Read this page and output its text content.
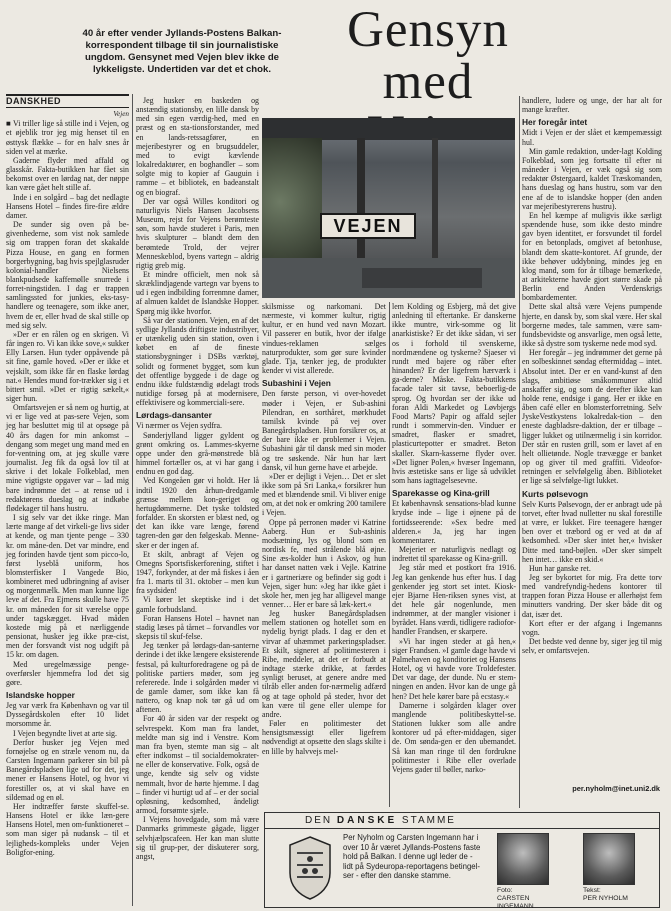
40 år efter vender Jyllands-Postens Balkan-korrespondent tilbage til sin journalistiske ungdom. Gensynet med Vejen blev ikke de lykkeligste. Undertiden var det et chok.
Gensyn med
DANSKHED
Vejen

■ Vi triller lige så stille ind i Vejen, og et øjeblik tror jeg mig henset til en østtysk flække – for en halv snes år siden vel at mærke.

Gaderne flyder med affald og glasskår. Fakta-butikken har fået sin bekomst over en lørdag nat, der nøppe kan være gået helt stille af.

Inde i en solgård – bag det nedlagte Hansens Hotel – findes fire-fire ældre damer.

De sunder sig oven på be-givenhederne, som vist nok samlede sig om trappen foran det skakalde Pizza House, en gang en formen borgerbygning, bag hvis spejlglasruder kolonial-handler Nielsens blankpudsede kaffemølle snurrede i forret-ningstiden. I dag er trappen samlingssted for junkies, eks-tasy-handlere og teenagere, som ikke aner, hvem de er, eller hvad de skal stille op med sig selv.

»Der er en rålen og en skrigen. Vi får ingen ro. Vi kan ikke sove,« sukker Elly Larsen. Hun tyder oppåvende på sit fine, gamle hoved. »Der er ikke et vejskilt, som ikke får en flaske lørdag nat.« Hendes mund for-trækker sig i et bittert smil. »Det er rigtig sækelt,« siger hun.

Omfartsvejen er så nem og hurtig, at vi er lige ved at pas-sere Vejen, som jeg har besluttet mig til at opsøge på 40 års dagen for min ankomst – dengang som meget ung mand med en for-ventning om, at jeg skulle være journalist. Jeg fik da også lov til at skrive i det lokale Folkeblad, men mine vigtigste opgaver var – lad mig bare indrømme det – at rense ud i redaktørens dueslag og at indkøbe flødekager til hans hustru.

I sig selv var det ikke ringe. Man lærte mange af det virkeli-ge livs sider at kende, og man tjente penge – 330 kr. om måne-den. Det var mindre, end jeg forinden havde tjent som picco-lo, først lyseblå uniform, hos blomsterfisker I Vangede Bio, kombineret med udbringning af aviser og morgenmælk. Men man kunne lige leve af det. Fra Ejmens skulle have 75 kr. om måneden for sit værelse oppe under tagskægget. Hvad måden kostede mig på et nærliggende pensionat, husker jeg ikke præ-cist, men der forsvandt vist nog udgift på 15 kr. om dagen.

Med uregelmæssige penge-overførsler hjemmefra lod det sig gøre.

Islandske hopper

Jeg var værk fra København og var til Dyssegårdskolen efter 10 lidet morsomme år.

I Vejen begyndte livet at arte sig.

Derfor husker jeg Vejen med fornøjelse og en stræle venom nu, da Carsten Ingemann parkerer sin bil på Banegårdspladsen lige ud for det, jeg mener er Hansens Hotel, og hvor vi forestiller os, at vi skal have en sildemad og en øl.

Her indtræffer første skuffel-se. Hansens Hotel er ikke læn-gere Hansens Hotel, men om-funktioneret – som man siger på nudansk – til et lejligheds-kompleks under Vejen Boligfor-ening.

Jeg husker en baskeden og anstændig stationsby, en lille dansk by med sin egen værdig-hed, med en præst og en sta-tionsforstander, med en lands-retssagfører, en mejeribestyrer og en brugsuddeler, med to evigt kævlende lokalredaktører, en boghandler – som solgte mig to kopier af Gauguin i ramme – et bibliotek, en badeanstalt og en biograf.

Der var også Willes konditori og naturligvis Niels Hansen Jacobsens Museum, rejst for Vejens berømteste søn, som havde studeret i Paris, men hvis skulpturer – blandt dem den berømtede Trold, der vejrer Menneskeblod, byens vartegn – aldrig rigtig greb mig.

Et mindre officielt, men nok så skræklindjagende vartegn var byens to ud i egen indbilding forrenmne damer, af almuen kaldet de Islandske Hopper. Spørg mig ikke hvorfor.

Så var der stationen. Vejen, en af det sydlige Jyllands driftigste industribyer, er utænkelig uden sin station, oven i købet en af de fineste stationsbygninger i DSBs værktøj, solidt og formenet bygget, som kun det offentlige byggede i de dage og endnu ikke fuldstændig ødelagt trods nutidige forsøg på at modernisere, effektivisere og kommerciali-sere.

Lørdags-dansanter

Vi nærmer os Vejen sydfra.

Sønderjylland ligger gyldent og grønt omkring os. Lammes-skyerne oppe under den grå-mønstrede blå himmel fortæller os, at vi har gang i endnu en god dag.

Ved Kongeåen gør vi holdt. Her lå indtil 1920 den århun-dredgamle grænse mellem kon-geriget og hertugdømmerne. Det tyske toldsted forfalder. En skorsten er blæst ned, og det kan ikke vare længe, førend tagren-den gør den følgeskab. Menne-sker er der ingen af.

Et skilt, anbragt af Vejen og Omegns Sportsfiskerforening, stiftet i 1947, forkynder, at der må fiskes i åen fra 1. marts til 31. oktober – men kun fra sydsiden!

Vi kører let skeptiske ind i det gamle forbudsland.

Foran Hansens Hotel – havnet nan stadig læses på tårnet – forvandles vor skepsis til skuf-felse.

Jeg tænker på lørdags-dan-santerne derinde i det ikke længere eksisterende festsal, på kulturforedragene og på de politiske partiers møder, som jeg refererede. Inde i solgården møder vi de gamle damer, som ikke kan få nattero, og knap nok tør gå ud om aftenen.

For 40 år siden var der respekt og selvrespekt. Kom man fra landet, meldte man sig ind i Venstre. Kom man fra byen, stemte man sig – alt efter indkomst – til socialdemokrater-ne eller de konservative. Folk, også de unge, kendte sig selv og vidste nemmalt, hvor de hørte hjemme. I dag – finder vi hurtigt ud af – er der social opløsning, kedsomhed, åndeligt armod, forsømte sjæle.

I Vejens hovedgade, som må være Danmarks grimmeste gågade, ligger selvhjælpscafeen. Her kan man slutte sig til grup-per, der diskuterer sorg, angst,

VEJEN

skilsmisse og narkomani. Det nærmeste, vi kommer kultur, rigtig kultur, er en hund ved navn Mozart. Vil passerer en butik, hvor der ifølge vindues-reklamen sælges naturprodukter, som gør sure kvinder glade. Tja, tænker jeg, de produkter kender vi vist allerede.

Subashini i Vejen

Den første person, vi over-hovedet møder i Vejen, er Sub-ashini Pilendran, en sorthåret, mørkhudet tamilsk kvinde på vej over Banegårdspladsen. Hun forsikrer os, at der bare ikke er problemer i Vejen. Subashini går til dansk med sin moder og tre søskende. Når hun har lært dansk, vil hun gerne have et arbejde.

»Der er dejligt i Vejen… Det er slet ikke som på Sri Lanka,« forsikrer hun med et blændende smil. Vi bliver enige om, at det nok er omkring 200 tamilere i Vejen.

Oppe på perronen møder vi Katrine Aaberg. Hun er Sub-ashinis modsætning, lys og blond som en nordisk fe, med strålende blå øjne. Sine æs-kolder hun i Askov, og hun har danset natten væk i Vejle. Katrine er i gartneriære og befinder sig godt i Vejen, siger hun: »Jeg har ikke gået i skole her, men jeg har alligevel mange venner… Her er bare så læk-kert.«

Jeg husker Banegårdspladsen mellem stationen og hotellet som en nydelig byrigt plads. I dag er den et virvar af uhæmmet parkeringspladser. Et skilt, signeret af politimesteren i Ribe, meddeler, at det er forbudt at indtage stærke drikke, at færdes synligt beruset, at genere andre med tilråb eller anden for-nærmelig adfærd og at tage ophold på steder, hvor det kan være til gene eller ulempe for andre.

Føler en politimester det hensigtsmæssigt eller ligefrem nødvendigt at opsætte den slags skilte i en lille by halvvejs mel-

lem Kolding og Esbjerg, må det give anledning til eftertanke. Er danskerne ikke muntre, virk-somme og lit anarkistiske? Er det ikke sådan, vi ser os i forhold til svenskerne, nordmændene og tyskerne? Sjaeser vi rundt med bajere og råber efter hinanden? Er der ligefrem hærværk i ga-derne? Måske. Fakta-butikkens facade taler sit tavse, beboerlig-de sprog. Og hvordan ser der ikke ud foran Aldi Markedet og Løvbjergs Food Marts? Papir og affald sejler rundt i sommervin-den. Vinduer er smadret, flasker er smadret, plasticurtepotter er smadret. Beton skaller. Skarn-kasserne flyder over. »Det ligner Polen,« hvæser Ingemann, hvis æstetiske sans er lige så udviklet som hans iagttagelsesevne.

Sparekasse og Kina-grill

Et københavnsk sensations-blad kunne krydse inde – lige i øjnene på de fortidsseerende: »Sex bedre med alderen.« Ja, jeg har ingen kommentarer.

Mejeriet er naturligvis nedlagt og indrettet til sparekasse og Kina-grill.

Jeg står med et postkort fra 1916. Jeg kan genkende hus efter hus. I dag genkender jeg stort set intet. Kiosk-ejer Bjarne Hen-riksen synes vist, at det hele går nogenlunde, men indrømmer, at der mangler visioner i byrådet. Hans værdi, tidligere radiofor-handler Frandsen, er skarpere.

»Vi har ingen steder at gå hen,« siger Frandsen. »I gamle dage havde vi Palmehaven og konditoriet og Hansens Hotel, og vi havde vore Troldefester. Det var dage, der dunde. Nu er stem-ningen en anden. Hvor kan de unge gå hen? Det hele kører bare på ecstasy.«

Damerne i solgården klager over manglende politibeskyttel-se. Stationen lukker som alle andre kontorer ud på efter-middagen, siger de. Om sønda-gen er den ubemandet. Så kan man ringe til den fordrukne politimester i Ribe eller overlade Vejens gader til bøller, narko-

handlere, ludere og unge, der har alt for mange kræfter.

Her foregår intet

Midt i Vejen er der slået et kæmpemæssigt hul.

Min gamle redaktion, under-lagt Kolding Folkeblad, som jeg fortsatte til efter ni måneder i Vejen, er væk også sig som redaktør Østergaard, kaldet Træskomanden, hans dueslag og hans hustru, som var den ene af de to islandske hopper (den anden var mejeribestyrerens hustru).

En hel kæmpe af muligvis ikke særligt spændende huse, som ikke desto mindre gav byen identitet, er forsvundet til fordel for en betonplads, omgivet af betonhuse, blandt dem skatte-kontoret. Af grunde, der ikke behøver uddybning, mindes jeg en klog mand, som for år tilbage bemærkede, at arkitekterne havde gjort større skade på Berlin end Anden Verdenskrigs bombardementer.

Dette skal altså være Vejens pumpende hjerte, en dansk by, som skal være. Her skal borgerne mødes, tale sammen, være sam-fundsbevidste og ansvarlige, men også lette, ikke så dystre som tyskerne nede mod syd.

Her foregår – jeg indrømmer det gerne på en solbeskinnet søndag eftermiddag – intet. Absolut intet. Der er en vand-kunst af den slags, ambitiøse småkommuner altid anskaffer sig, og som de derefter ikke kan holde rene, endsige i gang. Her er ikke en åben café eller en blomsterforretning. Selv JyskeVestkystens lokalredak-tion – den eneste dagbladsre-daktion, der er tilbage – ligger lukket og utilnærmelig i sin korridor. Der står en rusten grill, som er lavet af en helt ollietønde. Nogle trævægge er banket op og giver til med graffiti. Videofor-retningen er selvfølgelig åben. Biblioteket er lige så selvfølge-ligt lukket.

Kurts pølsevogn

Selv Kurts Pølsevogn, der er anbragt ude på torvet, efter hvad nulletter nu skal forestille at være, er lukket. Fire teenagere hænger ben over et træbord og er ved at dø af kedsomhed. »Der sker intet her,« hvisker Ditte med tand-bøjlen. »Der sker simpelt hen intet… ikke en skid.«

Hun har ganske ret.

Jeg ser bykortet for mig. Fra dette torv med vandrefyndig-hedens kontorer til trappen foran Pizza House er allerhøjst fem minutters vandring. Der sker både dit og dat, især det.

Kort efter er der afgang i Ingemanns vogn.

Det bedste ved denne by, siger jeg til mig selv, er omfartsvejen.

per.nyholm@inet.uni2.dk
DEN DANSKE STAMME
Per Nyholm og Carsten Ingemann har i over 10 år været Jyllands-Postens faste hold på Balkan. I denne ugl leder de - lidt på Sydeuropa-reportagens betingel-ser - efter den danske stamme.
Foto:
CARSTEN INGEMANN
Tekst:
PER NYHOLM
